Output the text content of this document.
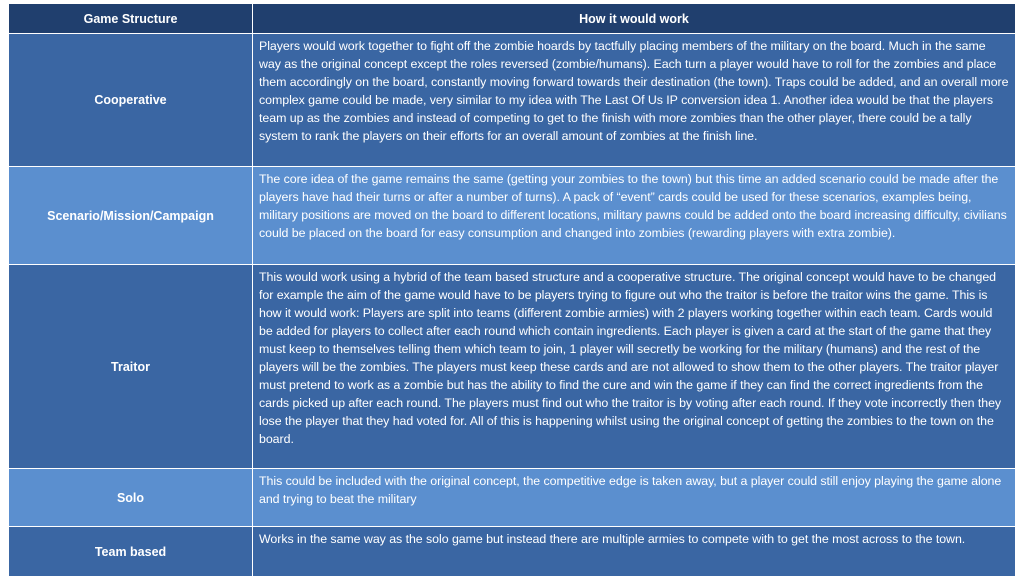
Game Structure	How it would work
Cooperative	Players would work together to fight off the zombie hoards by tactfully placing members of the military on the board. Much in the same way as the original concept except the roles reversed (zombie/humans). Each turn a player would have to roll for the zombies and place them accordingly on the board, constantly moving forward towards their destination (the town). Traps could be added, and an overall more complex game could be made, very similar to my idea with The Last Of Us IP conversion idea 1. Another idea would be that the players team up as the zombies and instead of competing to get to the finish with more zombies than the other player, there could be a tally system to rank the players on their efforts for an overall amount of zombies at the finish line.
Scenario/Mission/Campaign	The core idea of the game remains the same (getting your zombies to the town) but this time an added scenario could be made after the players have had their turns or after a number of turns). A pack of “event” cards could be used for these scenarios, examples being, military positions are moved on the board to different locations, military pawns could be added onto the board increasing difficulty, civilians could be placed on the board for easy consumption and changed into zombies (rewarding players with extra zombie).
Traitor	This would work using a hybrid of the team based structure and a cooperative structure. The original concept would have to be changed for example the aim of the game would have to be players trying to figure out who the traitor is before the traitor wins the game. This is how it would work: Players are split into teams (different zombie armies) with 2 players working together within each team. Cards would be added for players to collect after each round which contain ingredients. Each player is given a card at the start of the game that they must keep to themselves telling them which team to join, 1 player will secretly be working for the military (humans) and the rest of the players will be the zombies. The players must keep these cards and are not allowed to show them to the other players. The traitor player must pretend to work as a zombie but has the ability to find the cure and win the game if they can find the correct ingredients from the cards picked up after each round. The players must find out who the traitor is by voting after each round. If they vote incorrectly then they lose the player that they had voted for. All of this is happening whilst using the original concept of getting the zombies to the town on the board.
Solo	This could be included with the original concept, the competitive edge is taken away, but a player could still enjoy playing the game alone and trying to beat the military
Team based	Works in the same way as the solo game but instead there are multiple armies to compete with to get the most across to the town.
